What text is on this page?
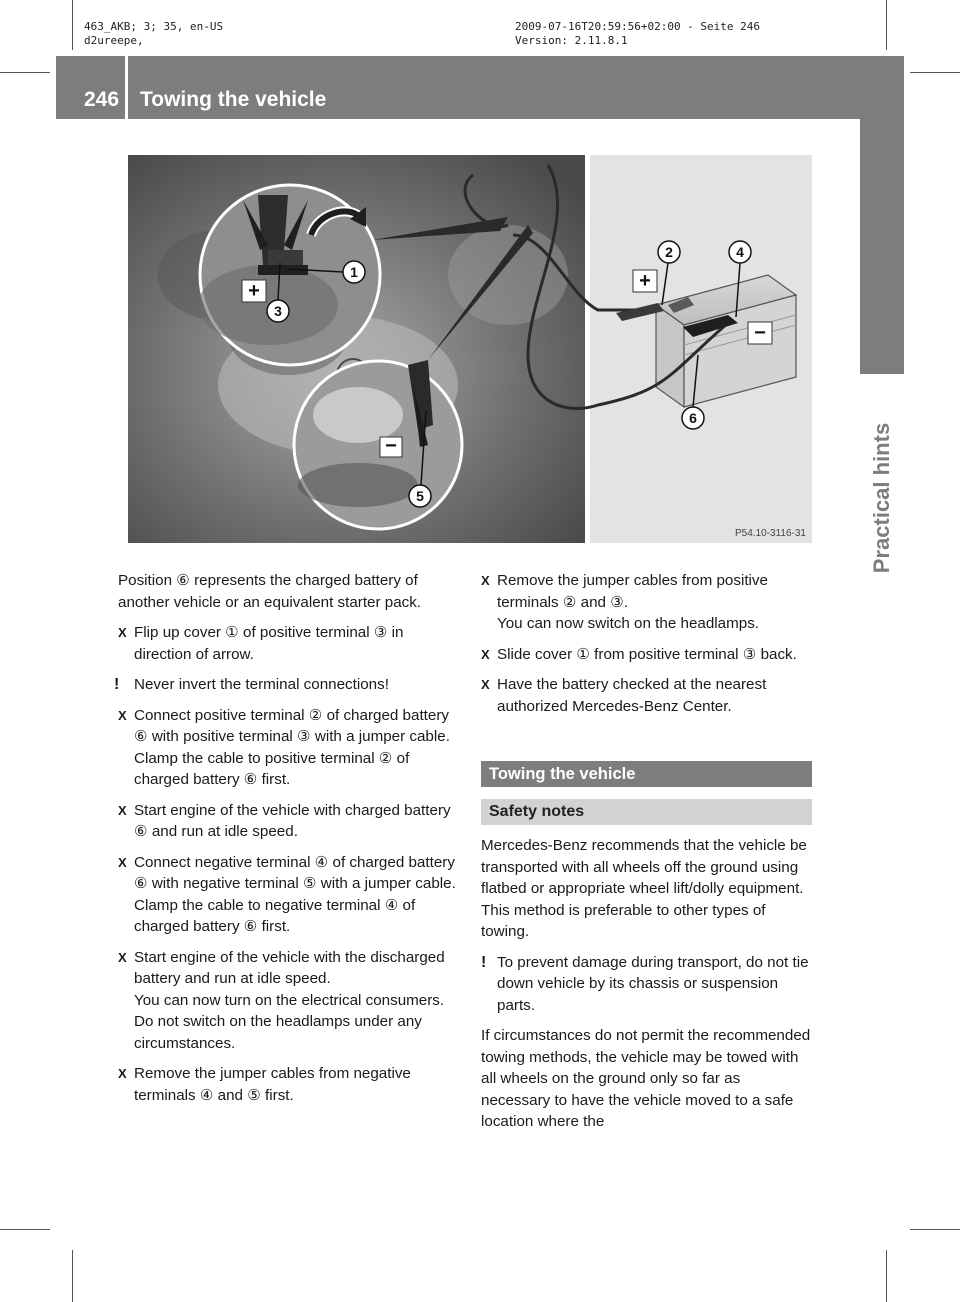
463_AKB; 3; 35, en-US
d2ureepe,
2009-07-16T20:59:56+02:00 - Seite 246
Version: 2.11.8.1
246 Towing the vehicle
Practical hints
+
−
+
−
1
3
5
2	4
6
P54.10-3116-31

Position ⑥ represents the charged battery of another vehicle or an equivalent starter pack.

X Flip up cover ① of positive terminal ③ in direction of arrow.
! Never invert the terminal connections!
X Connect positive terminal ② of charged battery ⑥ with positive terminal ③ with a jumper cable. Clamp the cable to positive terminal ② of charged battery ⑥ first.
X Start engine of the vehicle with charged battery ⑥ and run at idle speed.
X Connect negative terminal ④ of charged battery ⑥ with negative terminal ⑤ with a jumper cable. Clamp the cable to negative terminal ④ of charged battery ⑥ first.
X Start engine of the vehicle with the discharged battery and run at idle speed.
You can now turn on the electrical consumers. Do not switch on the headlamps under any circumstances.
X Remove the jumper cables from negative terminals ④ and ⑤ first.
X Remove the jumper cables from positive terminals ② and ③.
You can now switch on the headlamps.
X Slide cover ① from positive terminal ③ back.
X Have the battery checked at the nearest authorized Mercedes-Benz Center.
Towing the vehicle
Safety notes

Mercedes-Benz recommends that the vehicle be transported with all wheels off the ground using flatbed or appropriate wheel lift/dolly equipment. This method is preferable to other types of towing.

! To prevent damage during transport, do not tie down vehicle by its chassis or suspension parts.

If circumstances do not permit the recommended towing methods, the vehicle may be towed with all wheels on the ground only so far as necessary to have the vehicle moved to a safe location where the
